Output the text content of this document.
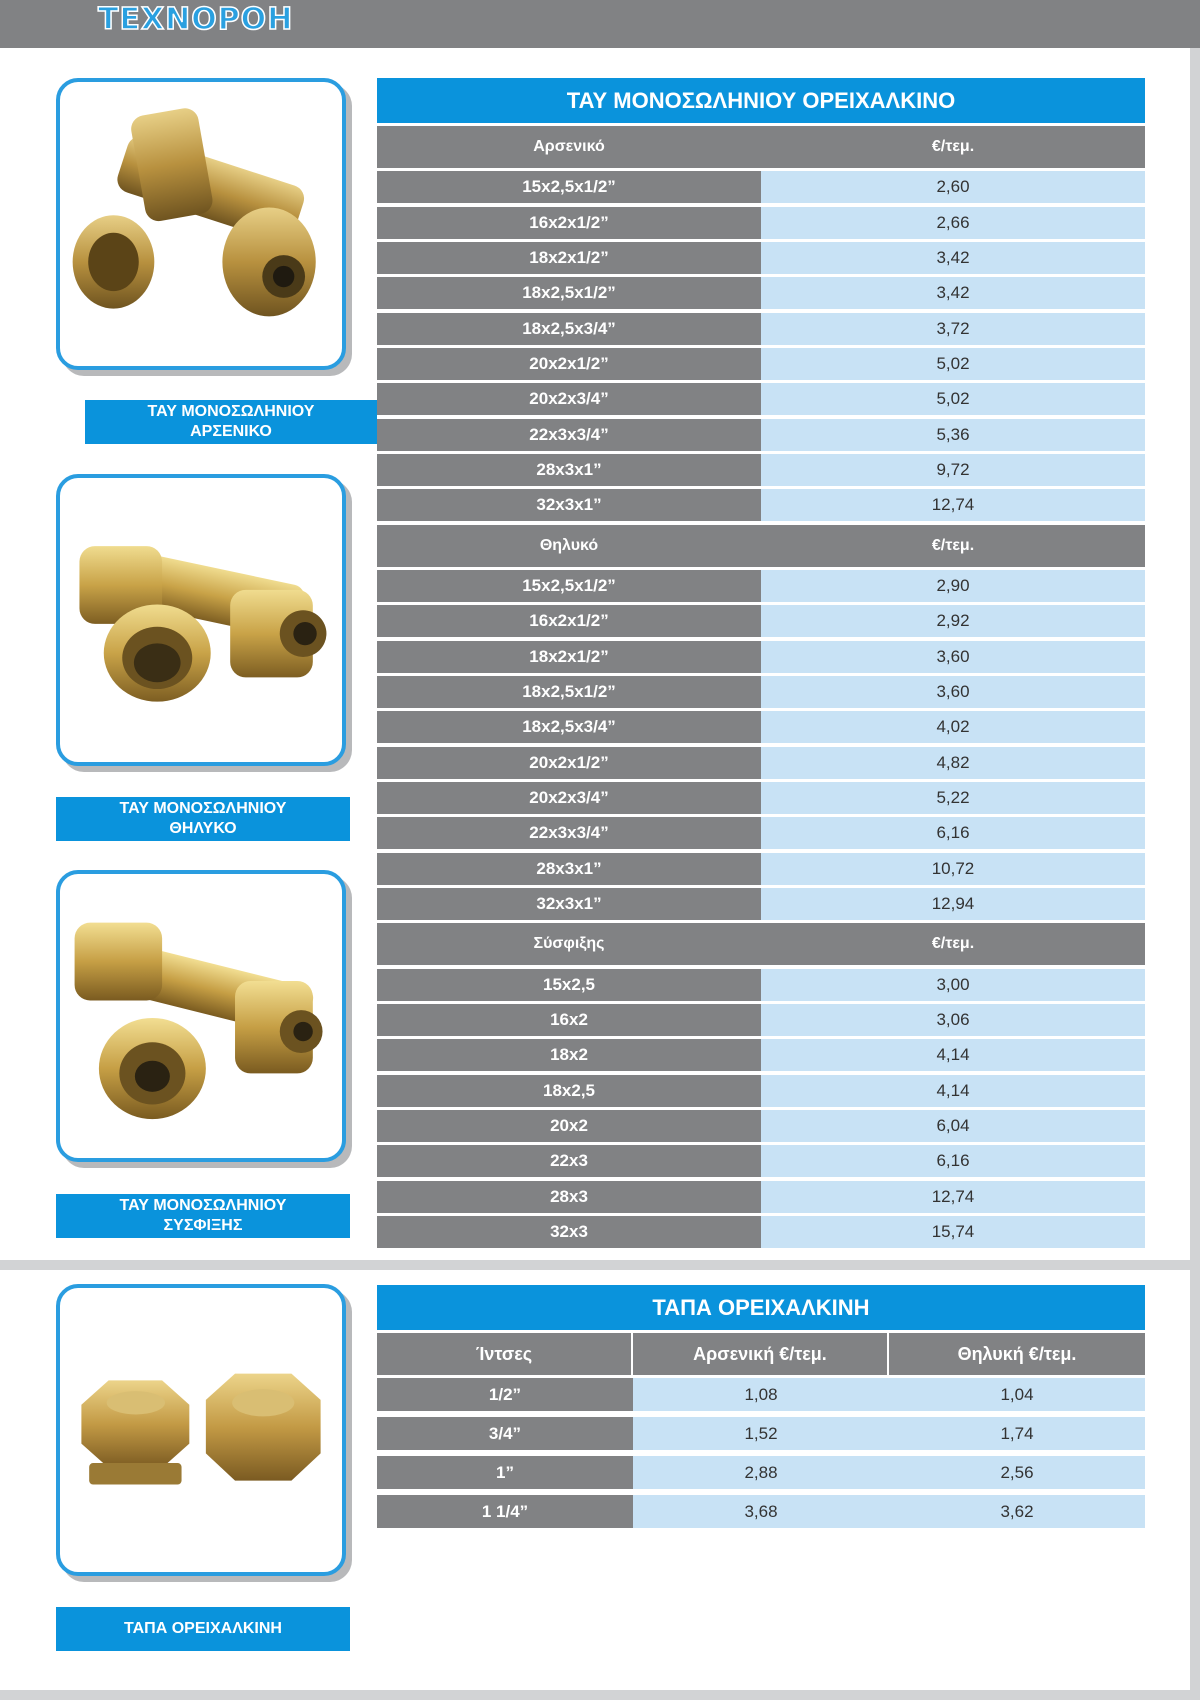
ΤΕΧΝΟΡΟΗ
ΤΑΥ ΜΟΝΟΣΩΛΗΝΙΟΥ
ΑΡΣΕΝΙΚΟ
ΤΑΥ ΜΟΝΟΣΩΛΗΝΙΟΥ
ΘΗΛΥΚΟ
ΤΑΥ ΜΟΝΟΣΩΛΗΝΙΟΥ
ΣΥΣΦΙΞΗΣ
ΤΑΠΑ ΟΡΕΙΧΑΛΚΙΝΗ
ΤΑΥ ΜΟΝΟΣΩΛΗΝΙΟΥ ΟΡΕΙΧΑΛΚΙΝΟ
Αρσενικό	€/τεμ.
15x2,5x1/2”	2,60
16x2x1/2”	2,66
18x2x1/2”	3,42
18x2,5x1/2”	3,42
18x2,5x3/4”	3,72
20x2x1/2”	5,02
20x2x3/4”	5,02
22x3x3/4”	5,36
28x3x1”	9,72
32x3x1”	12,74
Θηλυκό	€/τεμ.
15x2,5x1/2”	2,90
16x2x1/2”	2,92
18x2x1/2”	3,60
18x2,5x1/2”	3,60
18x2,5x3/4”	4,02
20x2x1/2”	4,82
20x2x3/4”	5,22
22x3x3/4”	6,16
28x3x1”	10,72
32x3x1”	12,94
Σύσφιξης	€/τεμ.
15x2,5	3,00
16x2	3,06
18x2	4,14
18x2,5	4,14
20x2	6,04
22x3	6,16
28x3	12,74
32x3	15,74
ΤΑΠΑ ΟΡΕΙΧΑΛΚΙΝΗ
Ίντσες	Αρσενική €/τεμ.	Θηλυκή €/τεμ.
1/2”	1,08	1,04
3/4”	1,52	1,74
1”	2,88	2,56
1 1/4”	3,68	3,62
